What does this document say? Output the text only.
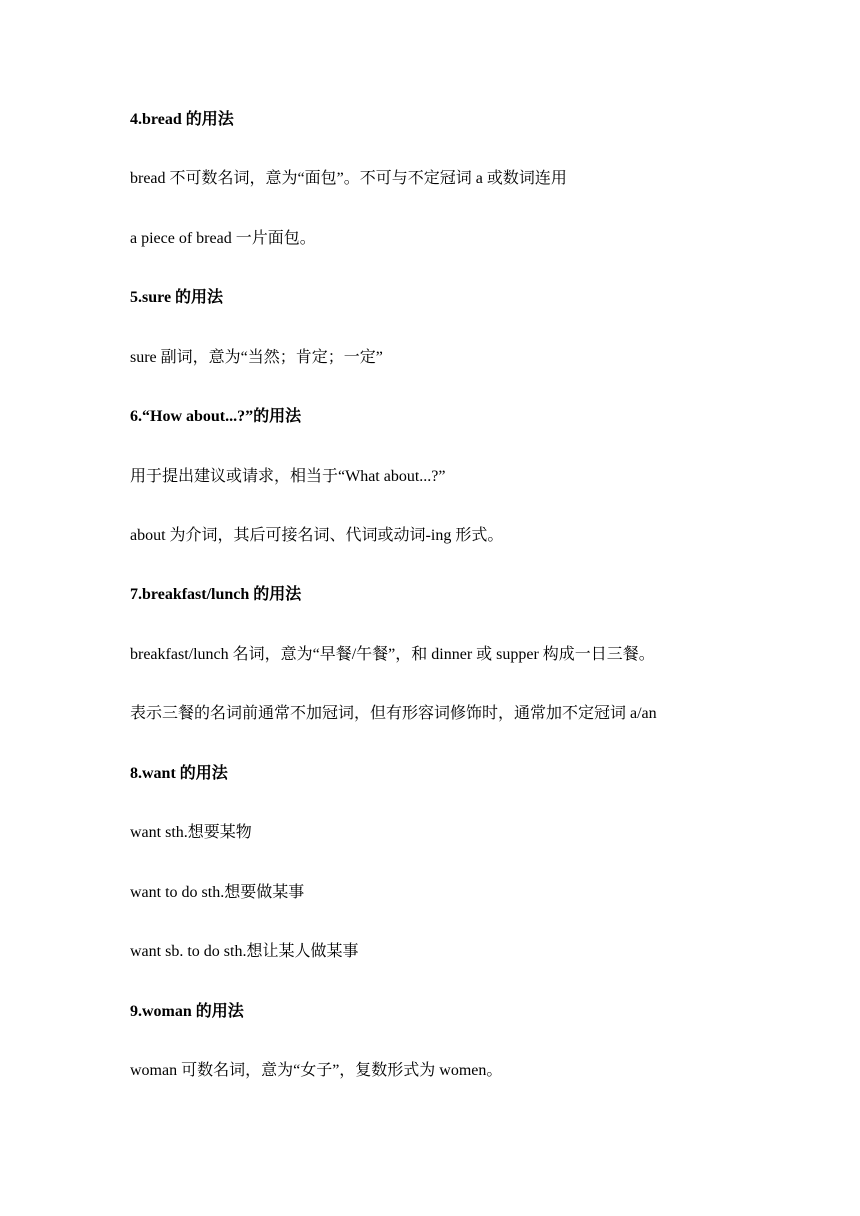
4.bread 的用法
bread 不可数名词，意为“面包”。不可与不定冠词 a 或数词连用
a piece of bread 一片面包。
5.sure 的用法
sure 副词，意为“当然；肯定；一定”
6.“How about...?”的用法
用于提出建议或请求，相当于“What about...?”
about 为介词，其后可接名词、代词或动词-ing 形式。
7.breakfast/lunch 的用法
breakfast/lunch 名词，意为“早餐/午餐”，和 dinner 或 supper 构成一日三餐。
表示三餐的名词前通常不加冠词，但有形容词修饰时，通常加不定冠词 a/an
8.want 的用法
want sth.想要某物
want to do sth.想要做某事
want sb. to do sth.想让某人做某事
9.woman 的用法
woman 可数名词，意为“女子”，复数形式为 women。
